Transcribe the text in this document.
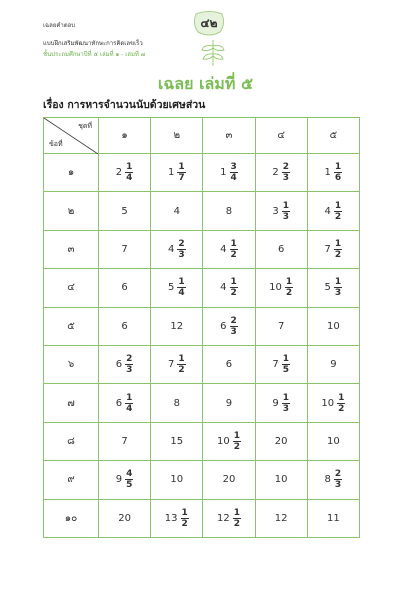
เฉลยคำตอบ
แบบฝึกเสริมพัฒนาทักษะการคิดเลขเร็ว
ชั้นประถมศึกษาปีที่ ๕ เล่มที่ ๑ - เล่มที่ ๗
๔๒
เฉลย เล่มที่ ๕
เรื่อง การหารจำนวนนับด้วยเศษส่วน
ชุดที่
ข้อที่	๑	๒	๓	๔	๕
๑	$2 \frac{1}{4}$	$1 \frac{1}{7}$	$1 \frac{3}{4}$	$2 \frac{2}{3}$	$1 \frac{1}{6}$

๒	5	4	8	$3 \frac{1}{3}$	$4 \frac{1}{2}$

๓	7	$4 \frac{2}{3}$	$4 \frac{1}{2}$	6	$7 \frac{1}{2}$

๔	6	$5 \frac{1}{4}$	$4 \frac{1}{2}$	$10 \frac{1}{2}$	$5 \frac{1}{3}$

๕	6	12	$6 \frac{2}{3}$	7	10

๖	$6 \frac{2}{3}$	$7 \frac{1}{2}$	6	$7 \frac{1}{5}$	9

๗	$6 \frac{1}{4}$	8	9	$9 \frac{1}{3}$	$10 \frac{1}{2}$

๘	7	15	$10 \frac{1}{2}$	20	10

๙	$9 \frac{4}{5}$	10	20	10	$8 \frac{2}{3}$

๑๐	20	$13 \frac{1}{2}$	$12 \frac{1}{2}$	12	11
